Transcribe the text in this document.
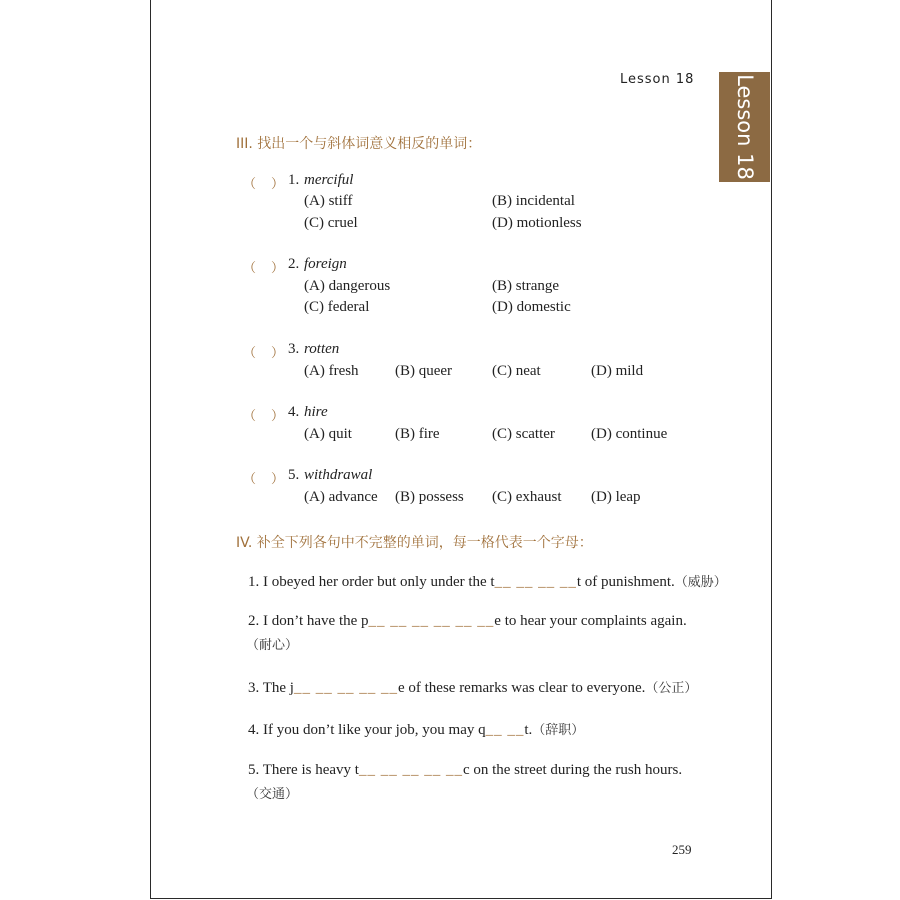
Lesson 18 Lesson 18
III. 找出一个与斜体词意义相反的单词：
（ ） 1. merciful
(A) stiff	(B) incidental
(C) cruel	(D) motionless
（ ） 2. foreign
(A) dangerous	(B) strange
(C) federal	(D) domestic
（ ） 3. rotten
(A) fresh (B) queer	(C) neat	(D) mild
（ ） 4. hire
(A) quit	(B) fire	(C) scatter (D) continue
（ ） 5. withdrawal
(A) advance (B) possess (C) exhaust (D) leap
IV. 补全下列各句中不完整的单词，每一格代表一个字母：
1. I obeyed her order but only under the t__ __ __ __t of punishment.（威胁）
2. I don’t have the p__ __ __ __ __ __e to hear your complaints again.
（耐心）
3. The j__ __ __ __ __e of these remarks was clear to everyone.（公正）
4. If you don’t like your job, you may q__ __t.（辞职）
5. There is heavy t__ __ __ __ __c on the street during the rush hours.
（交通）
259
